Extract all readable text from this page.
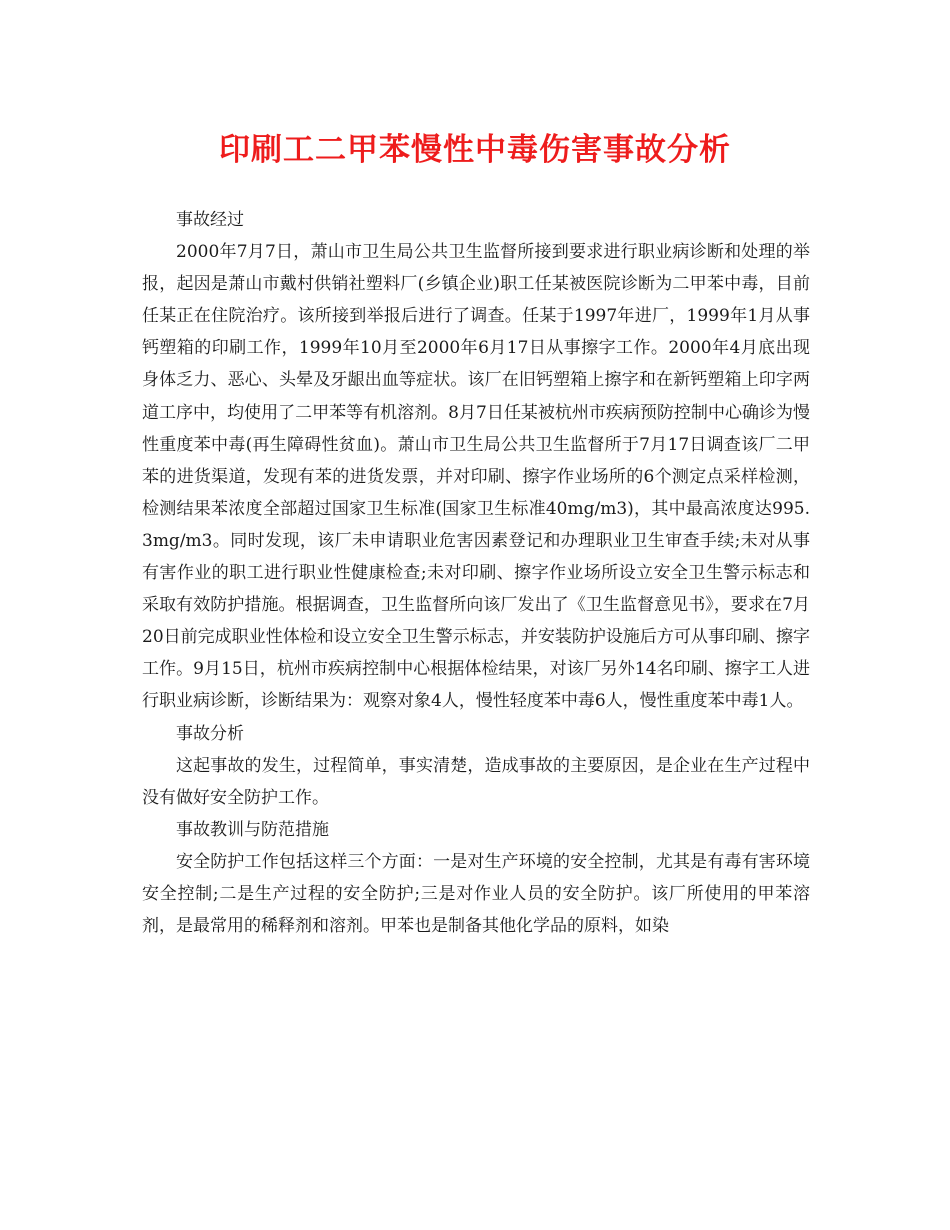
印刷工二甲苯慢性中毒伤害事故分析

事故经过

2000年7月7日，萧山市卫生局公共卫生监督所接到要求进行职业病诊断和处理的举报，起因是萧山市戴村供销社塑料厂(乡镇企业)职工任某被医院诊断为二甲苯中毒，目前任某正在住院治疗。该所接到举报后进行了调查。任某于1997年进厂，1999年1月从事钙塑箱的印刷工作，1999年10月至2000年6月17日从事擦字工作。2000年4月底出现身体乏力、恶心、头晕及牙龈出血等症状。该厂在旧钙塑箱上擦字和在新钙塑箱上印字两道工序中，均使用了二甲苯等有机溶剂。8月7日任某被杭州市疾病预防控制中心确诊为慢性重度苯中毒(再生障碍性贫血)。萧山市卫生局公共卫生监督所于7月17日调查该厂二甲苯的进货渠道，发现有苯的进货发票，并对印刷、擦字作业场所的6个测定点采样检测，检测结果苯浓度全部超过国家卫生标准(国家卫生标准40mg/m3)，其中最高浓度达995.3mg/m3。同时发现，该厂未申请职业危害因素登记和办理职业卫生审查手续;未对从事有害作业的职工进行职业性健康检查;未对印刷、擦字作业场所设立安全卫生警示标志和采取有效防护措施。根据调查，卫生监督所向该厂发出了《卫生监督意见书》，要求在7月20日前完成职业性体检和设立安全卫生警示标志，并安装防护设施后方可从事印刷、擦字工作。9月15日，杭州市疾病控制中心根据体检结果，对该厂另外14名印刷、擦字工人进行职业病诊断，诊断结果为：观察对象4人，慢性轻度苯中毒6人，慢性重度苯中毒1人。

事故分析

这起事故的发生，过程简单，事实清楚，造成事故的主要原因，是企业在生产过程中没有做好安全防护工作。

事故教训与防范措施

安全防护工作包括这样三个方面：一是对生产环境的安全控制，尤其是有毒有害环境安全控制;二是生产过程的安全防护;三是对作业人员的安全防护。该厂所使用的甲苯溶剂，是最常用的稀释剂和溶剂。甲苯也是制备其他化学品的原料，如染
